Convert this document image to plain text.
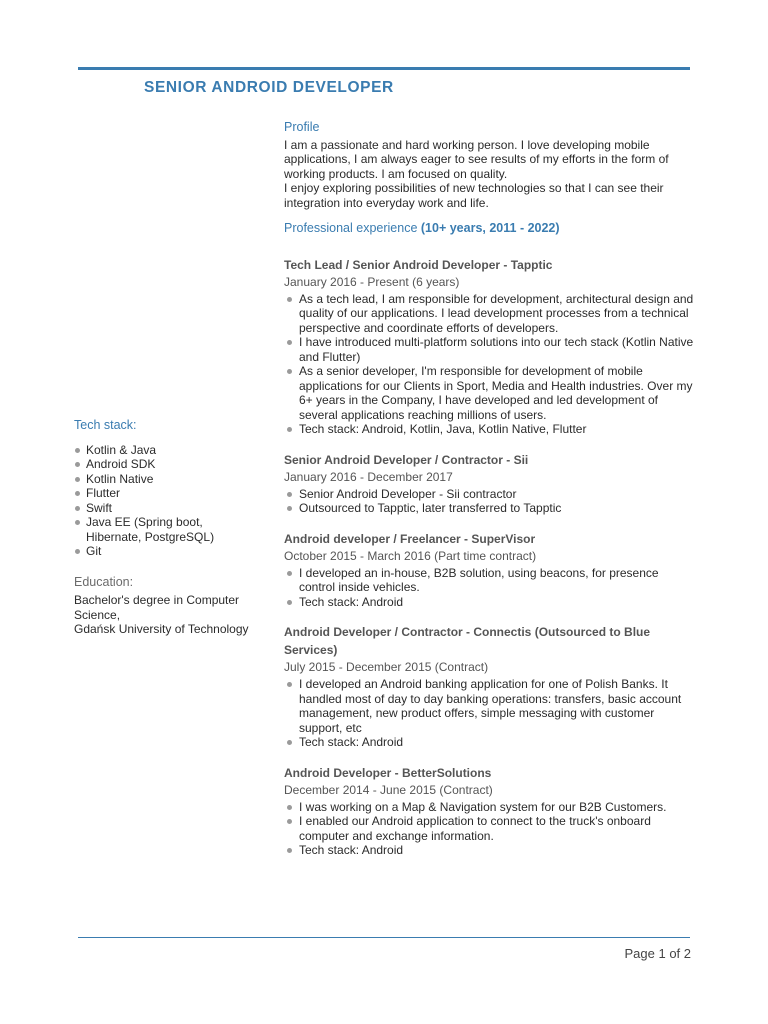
SENIOR ANDROID DEVELOPER
Tech stack:
Kotlin & Java
Android SDK
Kotlin Native
Flutter
Swift
Java EE (Spring boot, Hibernate, PostgreSQL)
Git
Education:
Bachelor's degree in Computer
Science,
Gdańsk University of Technology
Profile

I am a passionate and hard working person. I love developing mobile applications, I am always eager to see results of my efforts in the form of working products. I am focused on quality.

I enjoy exploring possibilities of new technologies so that I can see their integration into everyday work and life.

Professional experience (10+ years, 2011 - 2022)
Tech Lead / Senior Android Developer - Tapptic
January 2016 - Present (6 years)
As a tech lead, I am responsible for development, architectural design and quality of our applications. I lead development processes from a technical perspective and coordinate efforts of developers.
I have introduced multi-platform solutions into our tech stack (Kotlin Native and Flutter)
As a senior developer, I'm responsible for development of mobile applications for our Clients in Sport, Media and Health industries. Over my 6+ years in the Company, I have developed and led development of several applications reaching millions of users.
Tech stack: Android, Kotlin, Java, Kotlin Native, Flutter
Senior Android Developer / Contractor - Sii
January 2016 - December 2017
Senior Android Developer - Sii contractor
Outsourced to Tapptic, later transferred to Tapptic
Android developer / Freelancer - SuperVisor
October 2015 - March 2016 (Part time contract)
I developed an in-house, B2B solution, using beacons, for presence control inside vehicles.
Tech stack: Android
Android Developer / Contractor - Connectis (Outsourced to Blue Services)
July 2015 - December 2015 (Contract)
I developed an Android banking application for one of Polish Banks. It handled most of day to day banking operations: transfers, basic account management, new product offers, simple messaging with customer support, etc
Tech stack: Android
Android Developer - BetterSolutions
December 2014 - June 2015 (Contract)
I was working on a Map & Navigation system for our B2B Customers.
I enabled our Android application to connect to the truck's onboard computer and exchange information.
Tech stack: Android
Page 1 of 2
